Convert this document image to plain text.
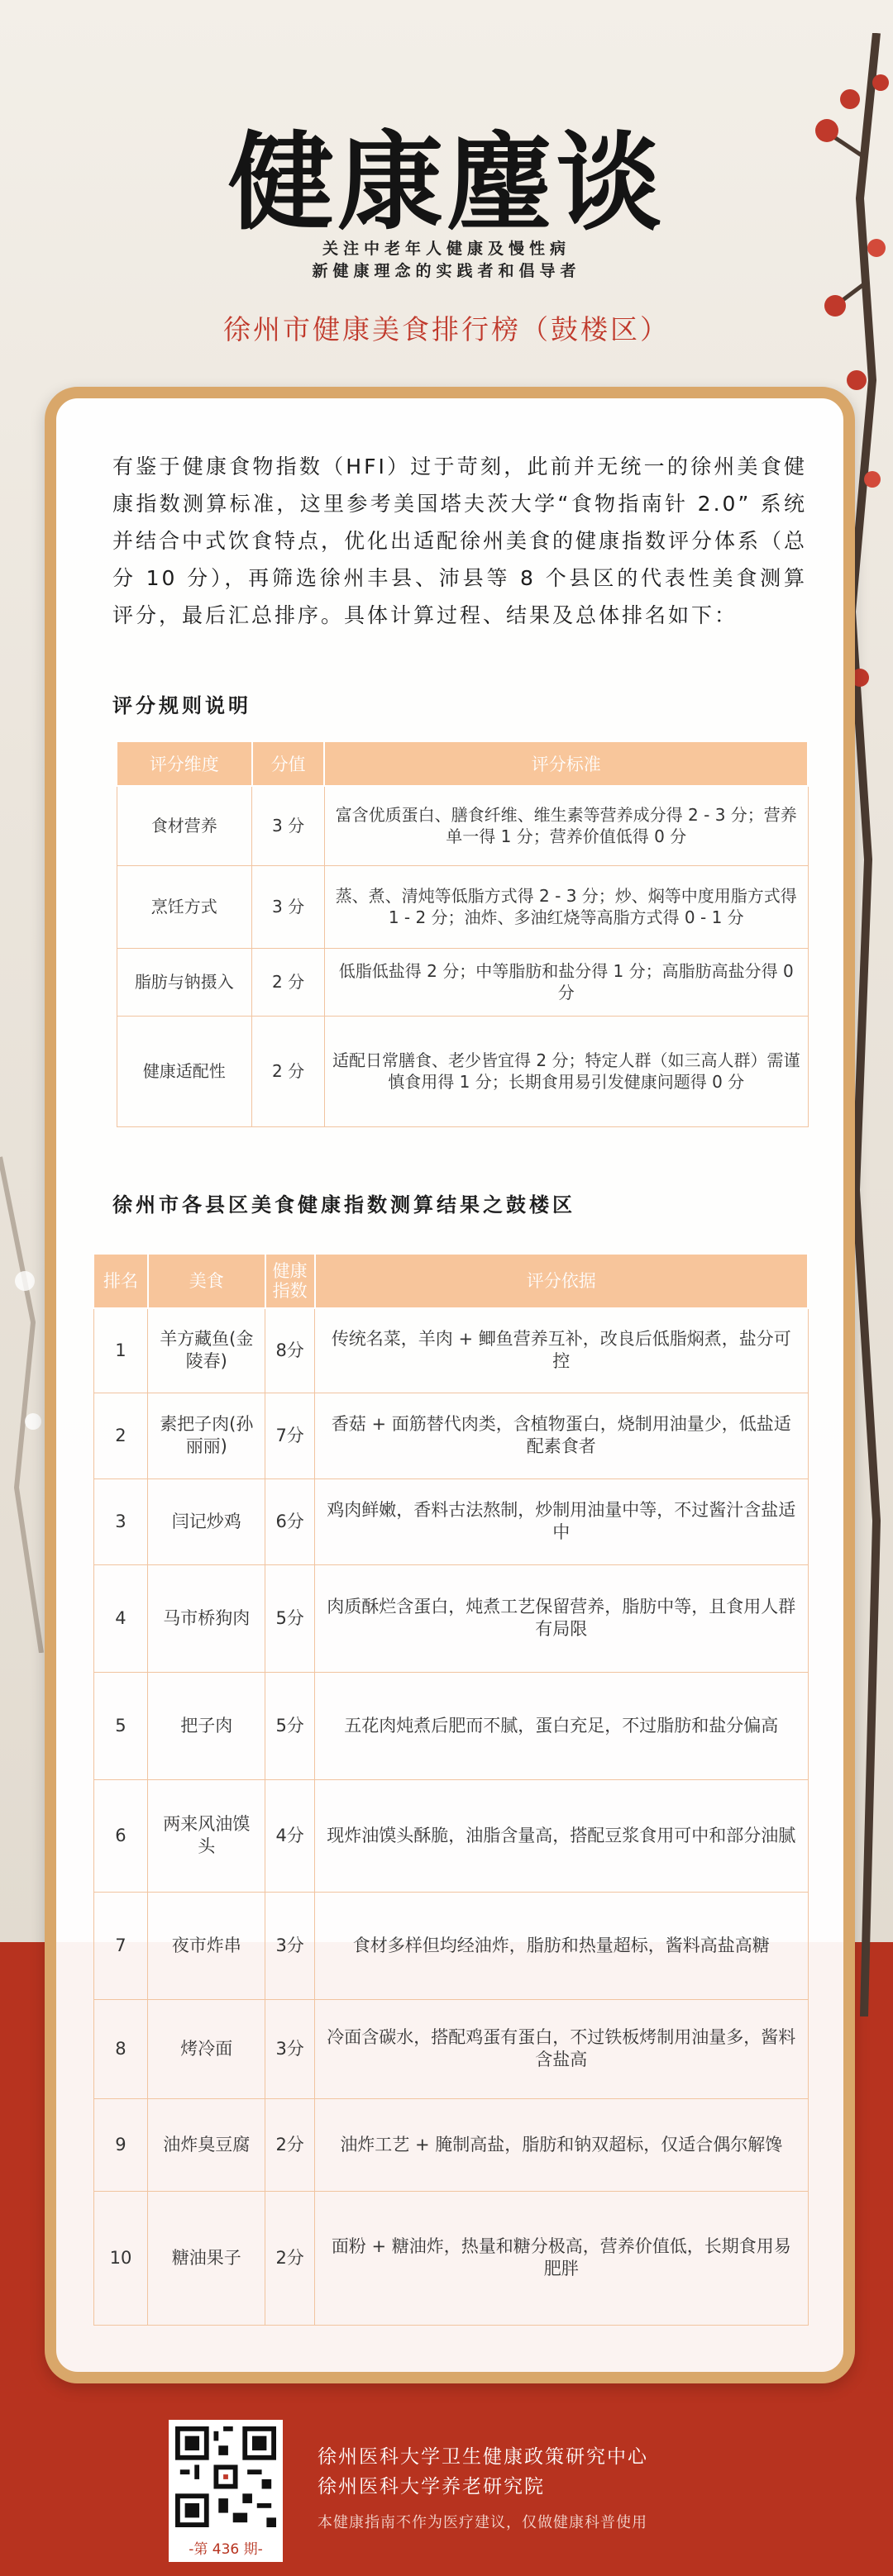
健康麈谈
关注中老年人健康及慢性病
新健康理念的实践者和倡导者
徐州市健康美食排行榜（鼓楼区）
有鉴于健康食物指数（HFI）过于苛刻，此前并无统一的徐州美食健康指数测算标准，这里参考美国塔夫茨大学“食物指南针 2.0” 系统并结合中式饮食特点，优化出适配徐州美食的健康指数评分体系（总分 10 分），再筛选徐州丰县、沛县等 8 个县区的代表性美食测算评分，最后汇总排序。具体计算过程、结果及总体排名如下：
评分规则说明
评分维度	分值	评分标准
食材营养	3 分	富含优质蛋白、膳食纤维、维生素等营养成分得 2 - 3 分；营养单一得 1 分；营养价值低得 0 分
烹饪方式	3 分	蒸、煮、清炖等低脂方式得 2 - 3 分；炒、焖等中度用脂方式得 1 - 2 分；油炸、多油红烧等高脂方式得 0 - 1 分
脂肪与钠摄入	2 分	低脂低盐得 2 分；中等脂肪和盐分得 1 分；高脂肪高盐分得 0 分
健康适配性	2 分	适配日常膳食、老少皆宜得 2 分；特定人群（如三高人群）需谨慎食用得 1 分；长期食用易引发健康问题得 0 分
徐州市各县区美食健康指数测算结果之鼓楼区
排名	美食	健康指数	评分依据
1	羊方藏鱼(金陵春)	8分	传统名菜，羊肉 + 鲫鱼营养互补，改良后低脂焖煮，盐分可控
2	素把子肉(孙丽丽)	7分	香菇 + 面筋替代肉类，含植物蛋白，烧制用油量少，低盐适配素食者
3	闫记炒鸡	6分	鸡肉鲜嫩，香料古法熬制，炒制用油量中等，不过酱汁含盐适中
4	马市桥狗肉	5分	肉质酥烂含蛋白，炖煮工艺保留营养，脂肪中等，且食用人群有局限
5	把子肉	5分	五花肉炖煮后肥而不腻，蛋白充足，不过脂肪和盐分偏高
6	两来风油馍头	4分	现炸油馍头酥脆，油脂含量高，搭配豆浆食用可中和部分油腻
7	夜市炸串	3分	食材多样但均经油炸，脂肪和热量超标，酱料高盐高糖
8	烤冷面	3分	冷面含碳水，搭配鸡蛋有蛋白，不过铁板烤制用油量多，酱料含盐高
9	油炸臭豆腐	2分	油炸工艺 + 腌制高盐，脂肪和钠双超标，仅适合偶尔解馋
10	糖油果子	2分	面粉 + 糖油炸，热量和糖分极高，营养价值低，长期食用易肥胖
-第 436 期-
徐州医科大学卫生健康政策研究中心
徐州医科大学养老研究院
本健康指南不作为医疗建议，仅做健康科普使用
